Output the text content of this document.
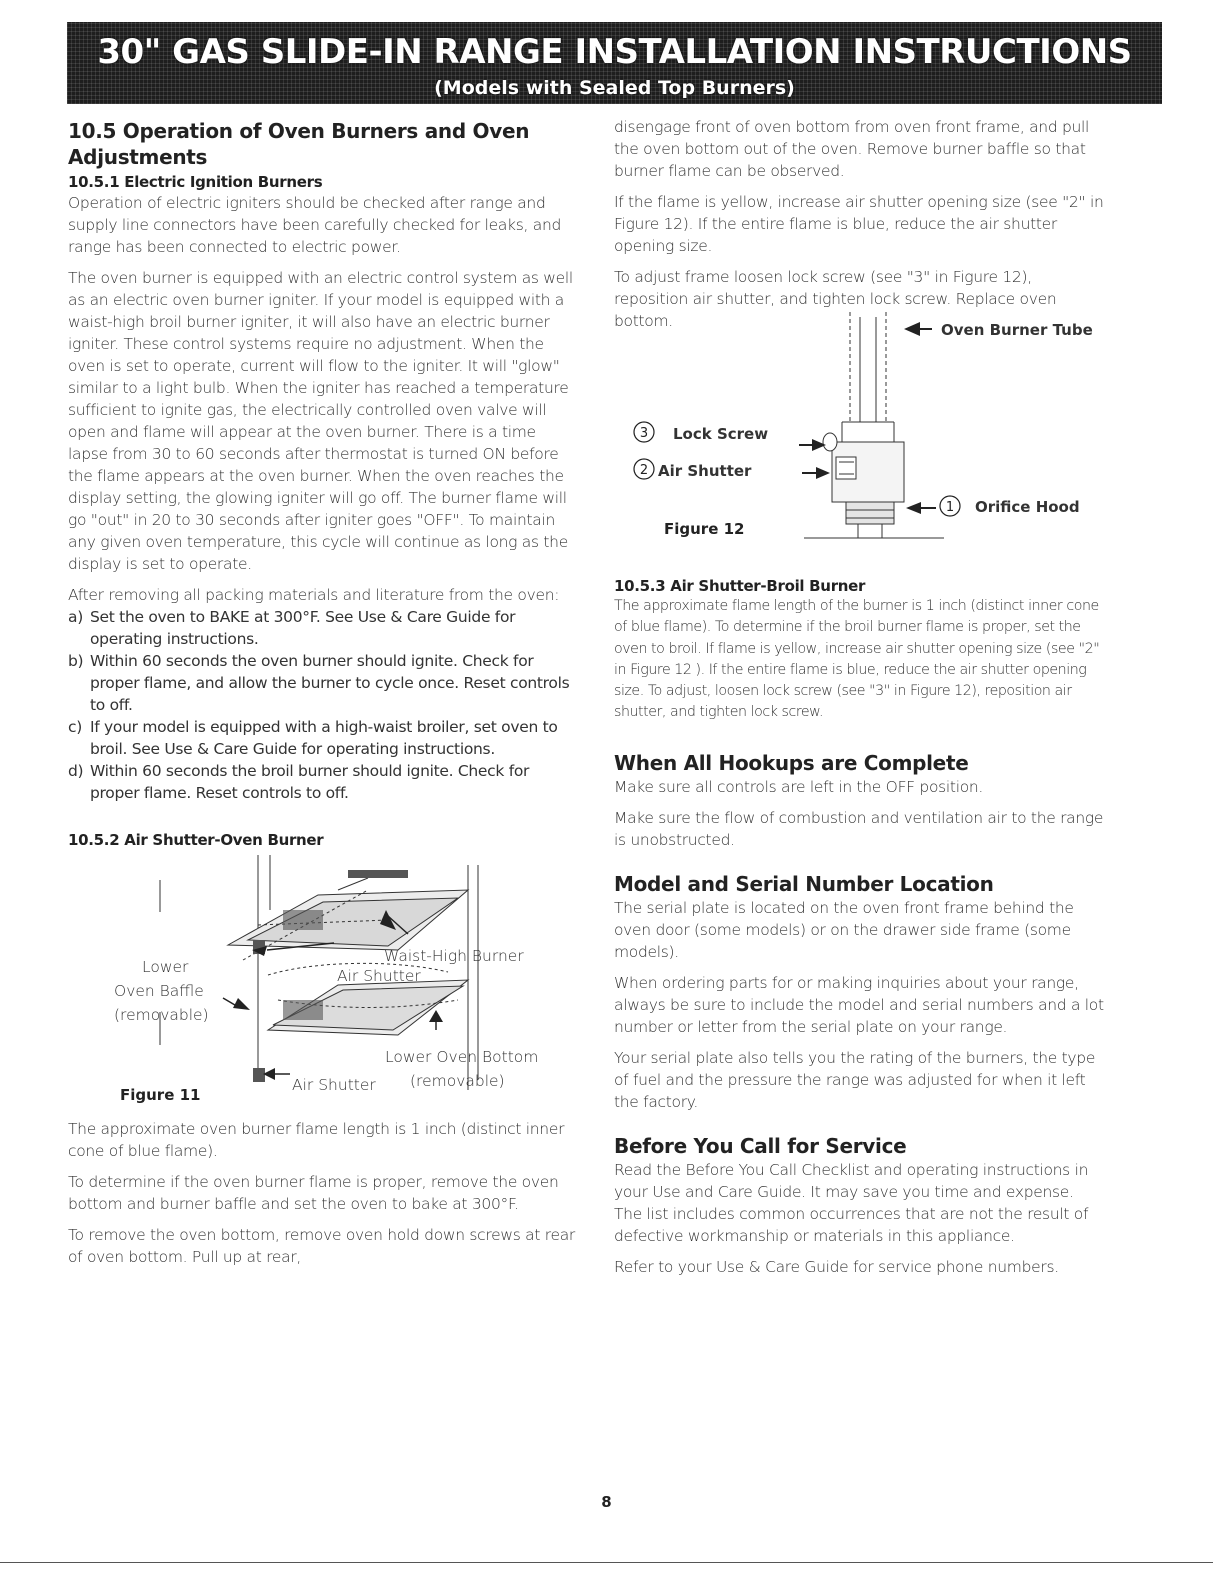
30" GAS SLIDE-IN RANGE INSTALLATION INSTRUCTIONS
(Models with Sealed Top Burners)
10.5 Operation of Oven Burners and Oven Adjustments
10.5.1 Electric Ignition Burners

Operation of electric igniters should be checked after range and supply line connectors have been carefully checked for leaks, and range has been connected to electric power.

The oven burner is equipped with an electric control system as well as an electric oven burner igniter. If your model is equipped with a waist-high broil burner igniter, it will also have an electric burner igniter. These control systems require no adjustment. When the oven is set to operate, current will flow to the igniter. It will "glow" similar to a light bulb. When the igniter has reached a temperature sufficient to ignite gas, the electrically controlled oven valve will open and flame will appear at the oven burner. There is a time lapse from 30 to 60 seconds after thermostat is turned ON before the flame appears at the oven burner. When the oven reaches the display setting, the glowing igniter will go off. The burner flame will go "out" in 20 to 30 seconds after igniter goes "OFF". To maintain any given oven temperature, this cycle will continue as long as the display is set to operate.

After removing all packing materials and literature from the oven:

a) Set the oven to BAKE at 300°F. See Use & Care Guide for operating instructions.
b) Within 60 seconds the oven burner should ignite. Check for proper flame, and allow the burner to cycle once. Reset controls to off.
c) If your model is equipped with a high-waist broiler, set oven to broil. See Use & Care Guide for operating instructions.
d) Within 60 seconds the broil burner should ignite. Check for proper flame. Reset controls to off.
10.5.2 Air Shutter-Oven Burner
Lower
Oven Baffle
(removable)
Waist-High Burner
Air Shutter
Lower Oven Bottom
(removable)
Air Shutter
Figure 11

The approximate oven burner flame length is 1 inch (distinct inner cone of blue flame).

To determine if the oven burner flame is proper, remove the oven bottom and burner baffle and set the oven to bake at 300°F.

To remove the oven bottom, remove oven hold down screws at rear of oven bottom. Pull up at rear,

disengage front of oven bottom from oven front frame, and pull the oven bottom out of the oven. Remove burner baffle so that burner flame can be observed.

If the flame is yellow, increase air shutter opening size (see "2" in Figure 12). If the entire flame is blue, reduce the air shutter opening size.

To adjust frame loosen lock screw (see "3" in Figure 12), reposition air shutter, and tighten lock screw. Replace oven bottom.	Oven Burner Tube
3 Lock Screw
2 Air Shutter
1 Orifice Hood
Figure 12
10.5.3 Air Shutter-Broil Burner

The approximate flame length of the burner is 1 inch (distinct inner cone of blue flame). To determine if the broil burner flame is proper, set the oven to broil. If flame is yellow, increase air shutter opening size (see "2" in Figure 12 ). If the entire flame is blue, reduce the air shutter opening size. To adjust, loosen lock screw (see "3" in Figure 12), reposition air shutter, and tighten lock screw.

When All Hookups are Complete

Make sure all controls are left in the OFF position.

Make sure the flow of combustion and ventilation air to the range is unobstructed.

Model and Serial Number Location

The serial plate is located on the oven front frame behind the oven door (some models) or on the drawer side frame (some models).

When ordering parts for or making inquiries about your range, always be sure to include the model and serial numbers and a lot number or letter from the serial plate on your range.

Your serial plate also tells you the rating of the burners, the type of fuel and the pressure the range was adjusted for when it left the factory.

Before You Call for Service

Read the Before You Call Checklist and operating instructions in your Use and Care Guide. It may save you time and expense. The list includes common occurrences that are not the result of defective workmanship or materials in this appliance.

Refer to your Use & Care Guide for service phone numbers.

8
